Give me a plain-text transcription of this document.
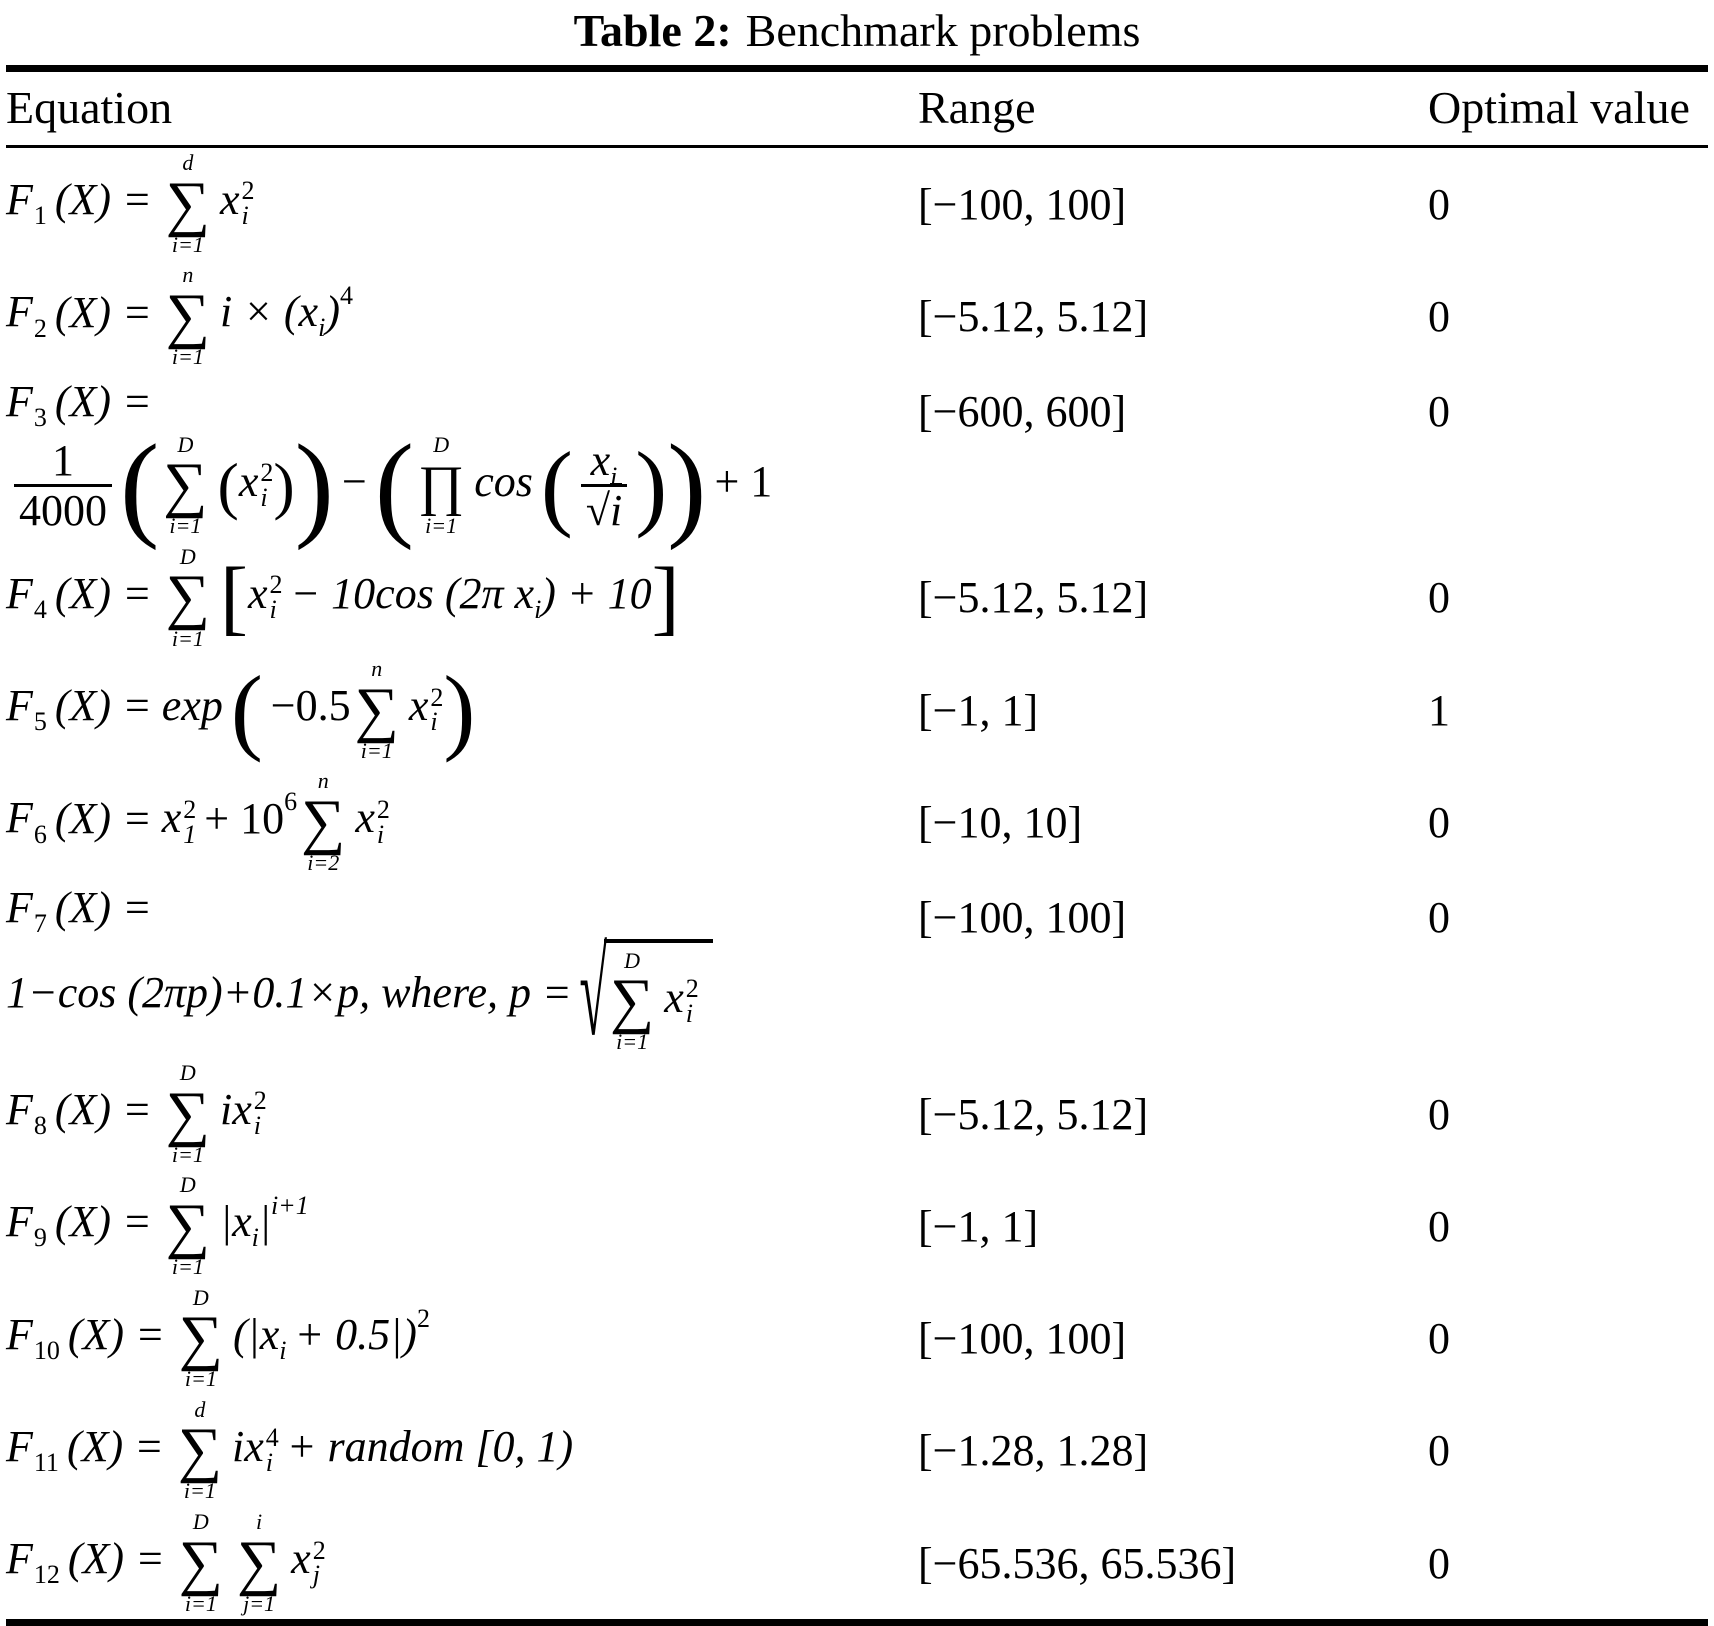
Table 2: Benchmark problems
Equation	Range	Optimal value
$F_1$ (X) =
d
∑
i=1
x 2
i	[−100, 100]	0
$F_2$ (X) =
n
∑
i=1
$i \times (x_i)^4$	[−5.12, 5.12]	0
$F_3$ (X) =
$\frac{1}{4000}$ ( D
∑
i=1
(x 2
i )) −( D
∏
i=1
$\cos( \frac{x_i}{√i}$ )) + 1
[−600, 600]	0
$F_4$ (X) =
D
∑
i=1 [x 2
i − 10cos (2π $x_i) + 10$]	[−5.12, 5.12]	0
$F_5$ (X) = exp( −0.5
n
∑
i=1
x 2
i )	[−1, 1]	1
$F_6$ (X) = x 2
$1 + 10^6$
n
∑
i=2
x 2
i	[−10, 10]	0
$F_7$ (X) =
1−cos (2πp)+0.1×p, where, p = √ D
∑
i=1
x 2
i
[−100, 100]	0
$F_8$ (X) =
D
∑
i=1
ix 2
i	[−5.12, 5.12]	0
$F_9$ (X) =
D
∑
i=1
$|x_i|^{i+1}$	[−1, 1]	0
$F_{10}$ (X) =
D
∑
i=1
$(|x_i + 0.5|)^2$	[−100, 100]	0
$F_{11}$ (X) =
d
∑
i=1
ix 4
i + random [0, 1)	[−1.28, 1.28]	0
$F_{12}$ (X) =
D
∑
i=1
i
∑
j=1
x 2
j	[−65.536, 65.536]	0
